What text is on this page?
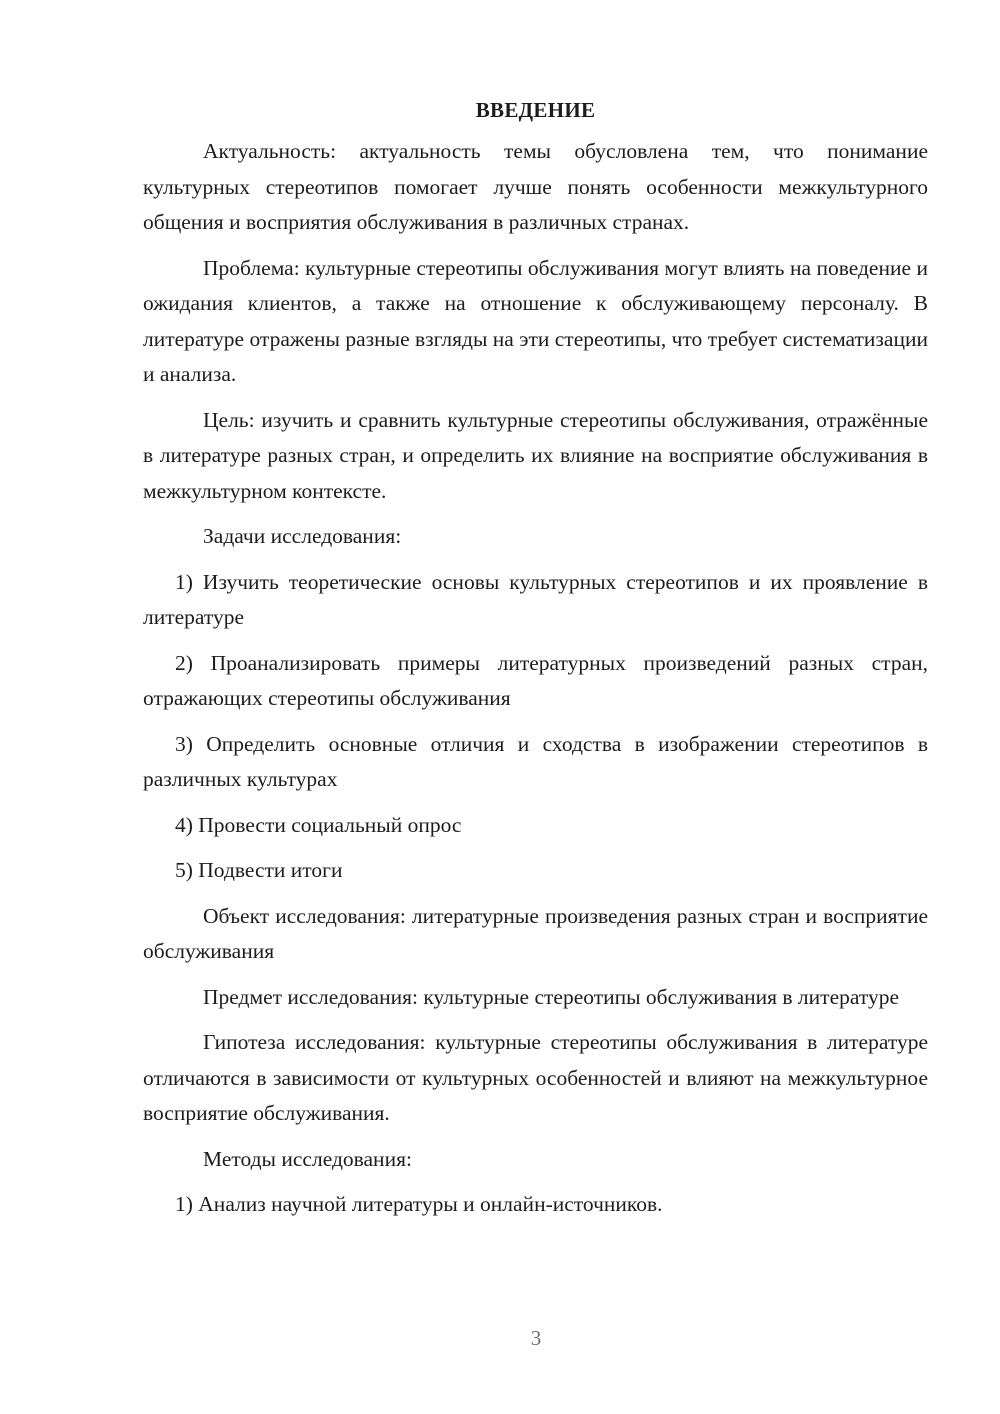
ВВЕДЕНИЕ

Актуальность: актуальность темы обусловлена тем, что понимание культурных стереотипов помогает лучше понять особенности межкультурного общения и восприятия обслуживания в различных странах.

Проблема: культурные стереотипы обслуживания могут влиять на поведение и ожидания клиентов, а также на отношение к обслуживающему персоналу. В литературе отражены разные взгляды на эти стереотипы, что требует систематизации и анализа.

Цель: изучить и сравнить культурные стереотипы обслуживания, отражённые в литературе разных стран, и определить их влияние на восприятие обслуживания в межкультурном контексте.

Задачи исследования:

1) Изучить теоретические основы культурных стереотипов и их проявление в литературе

2) Проанализировать примеры литературных произведений разных стран, отражающих стереотипы обслуживания

3) Определить основные отличия и сходства в изображении стереотипов в различных культурах

4) Провести социальный опрос

5) Подвести итоги

Объект исследования: литературные произведения разных стран и восприятие обслуживания

Предмет исследования: культурные стереотипы обслуживания в литературе

Гипотеза исследования: культурные стереотипы обслуживания в литературе отличаются в зависимости от культурных особенностей и влияют на межкультурное восприятие обслуживания.

Методы исследования:

1) Анализ научной литературы и онлайн-источников.

3
